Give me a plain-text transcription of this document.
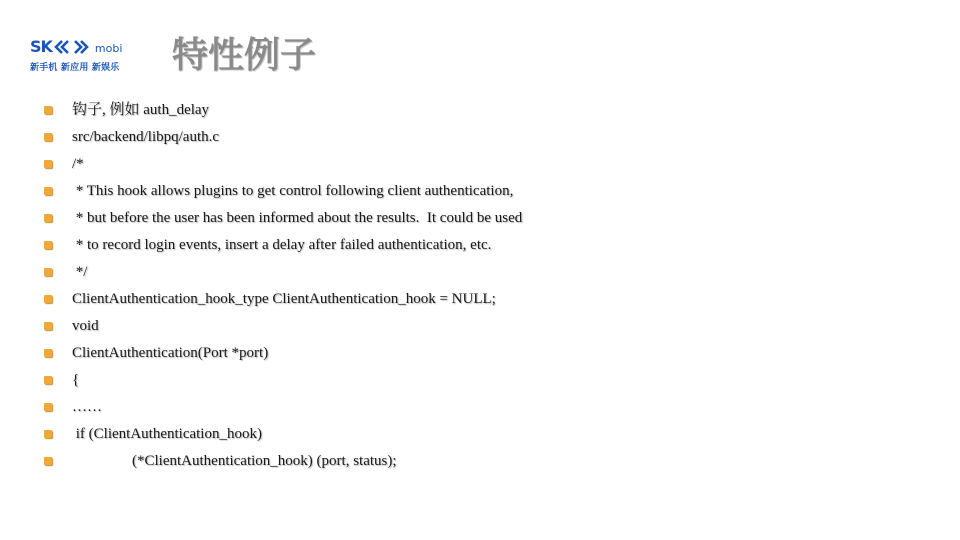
SK	mobi
新手机 新应用 新娱乐	特性例子
钩子, 例如 auth_delay
src/backend/libpq/auth.c
/*
* This hook allows plugins to get control following client authentication,
* but before the user has been informed about the results.  It could be used
* to record login events, insert a delay after failed authentication, etc.
*/
ClientAuthentication_hook_type ClientAuthentication_hook = NULL;
void
ClientAuthentication(Port *port)
{
……
if (ClientAuthentication_hook)
(*ClientAuthentication_hook) (port, status);
